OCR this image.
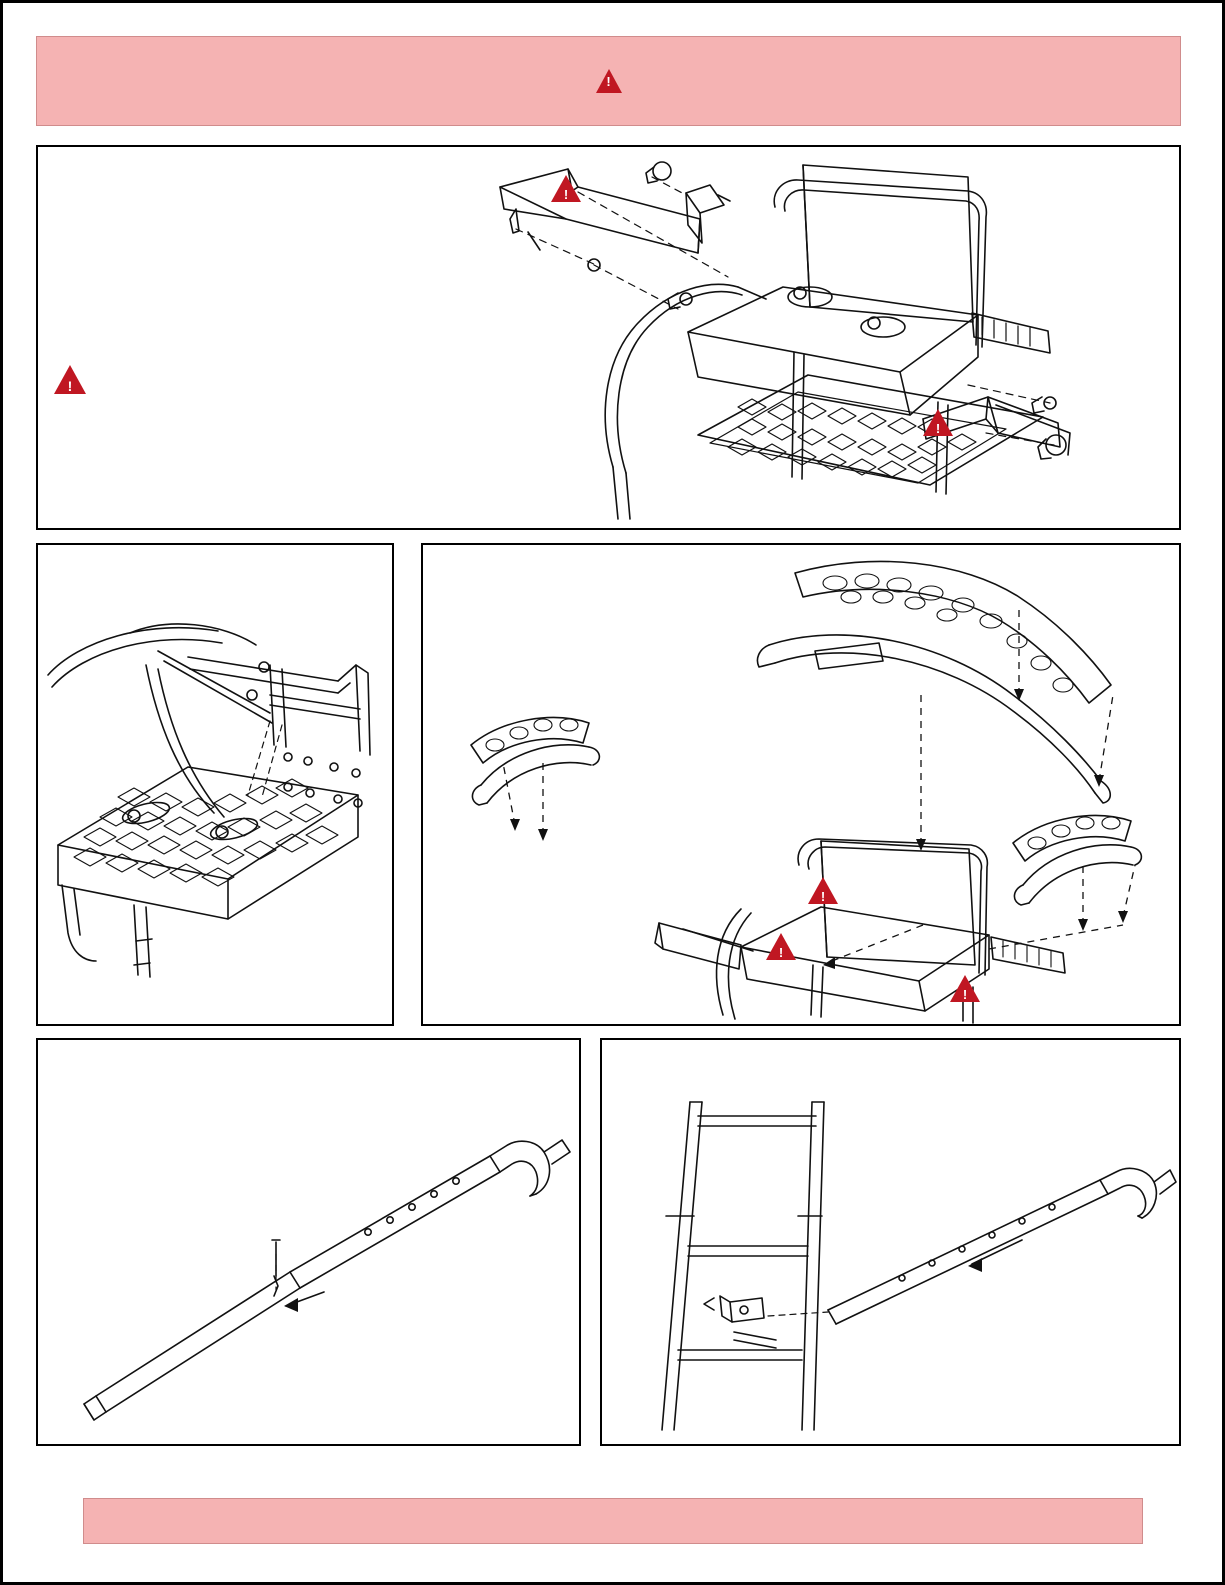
!
!
!
!
!
!
!
